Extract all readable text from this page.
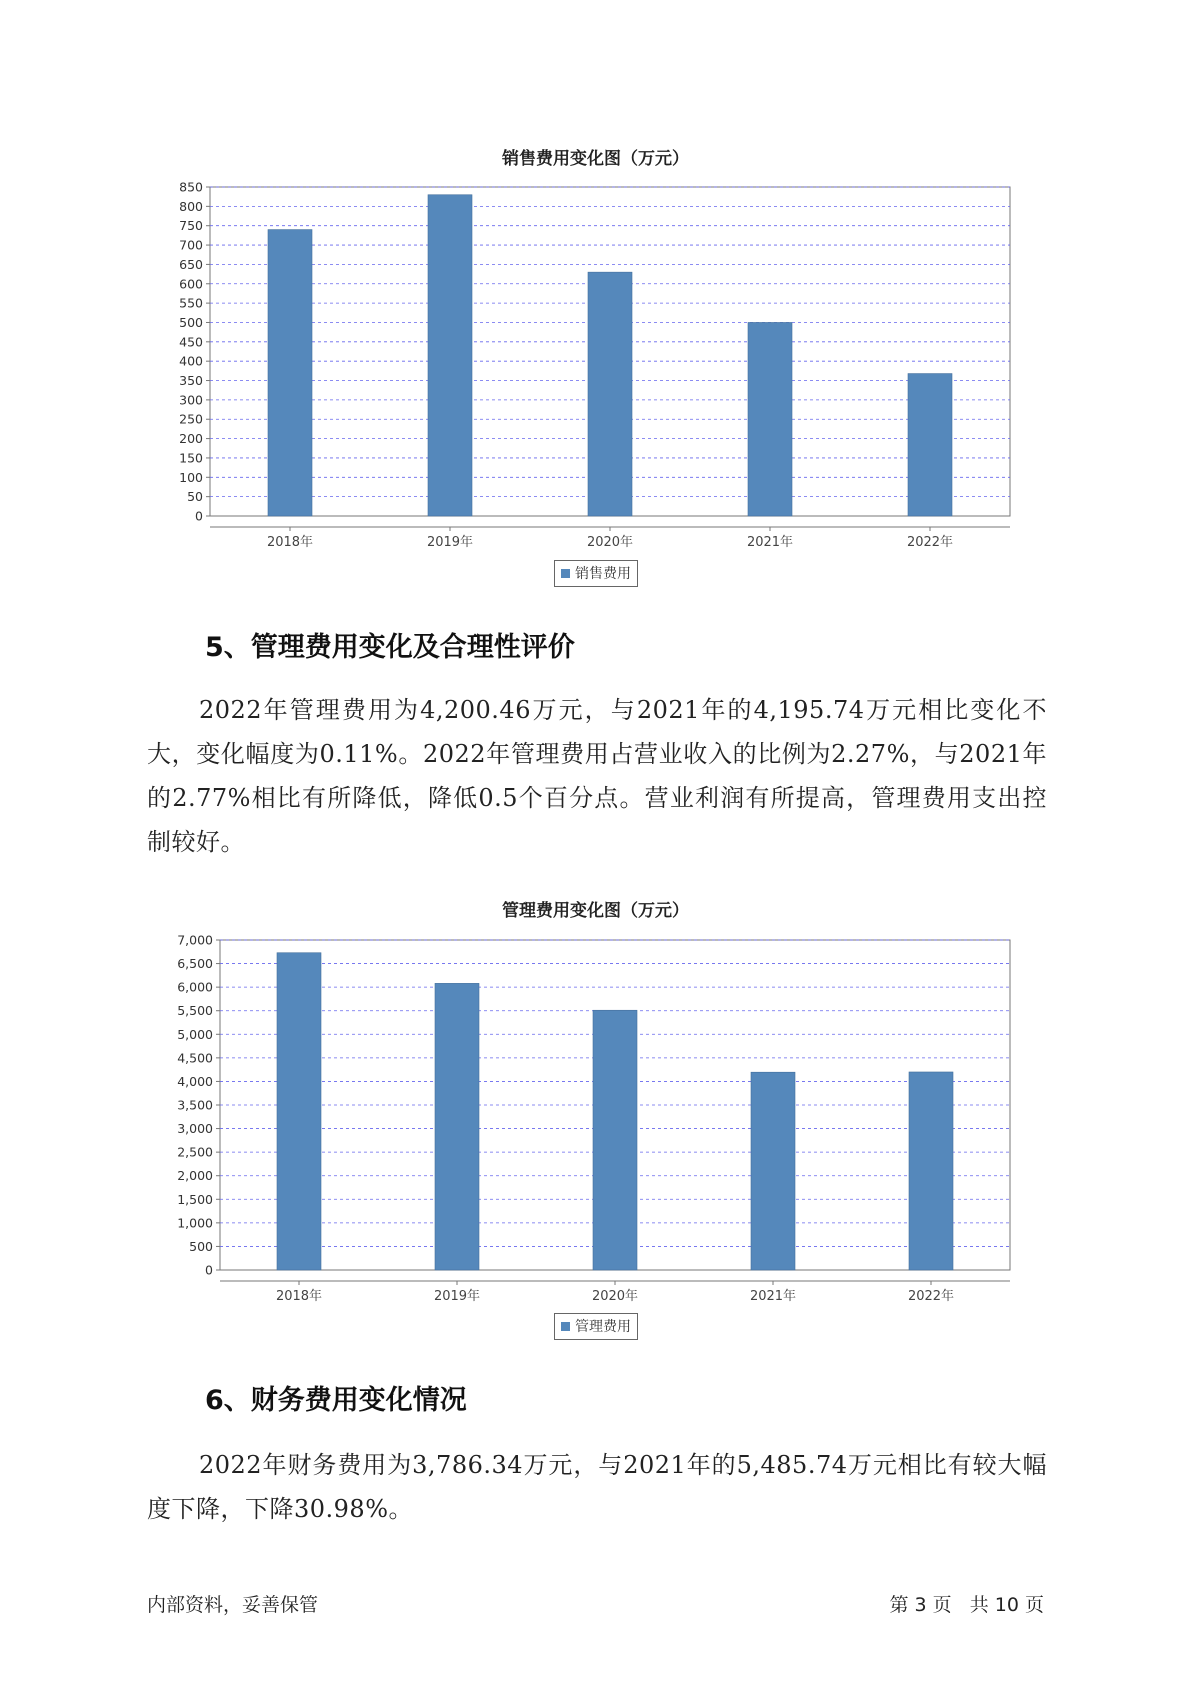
销售费用变化图（万元）
0
50
100
150
200
250
300
350
400
450
500
550
600
650
700
750
800
850
2018年	2019年	2020年	2021年	2022年
销售费用
5、管理费用变化及合理性评价
2022年管理费用为4,200.46万元，与2021年的4,195.74万元相比变化不大，变化幅度为0.11%。2022年管理费用占营业收入的比例为2.27%，与2021年的2.77%相比有所降低，降低0.5个百分点。营业利润有所提高，管理费用支出控制较好。
管理费用变化图（万元）
0
500
1,000
1,500
2,000
2,500
3,000
3,500
4,000
4,500
5,000
5,500
6,000
6,500
7,000
2018年	2019年	2020年	2021年	2022年
管理费用
6、财务费用变化情况
2022年财务费用为3,786.34万元，与2021年的5,485.74万元相比有较大幅度下降，下降30.98%。
内部资料，妥善保管	第 3 页   共 10 页
